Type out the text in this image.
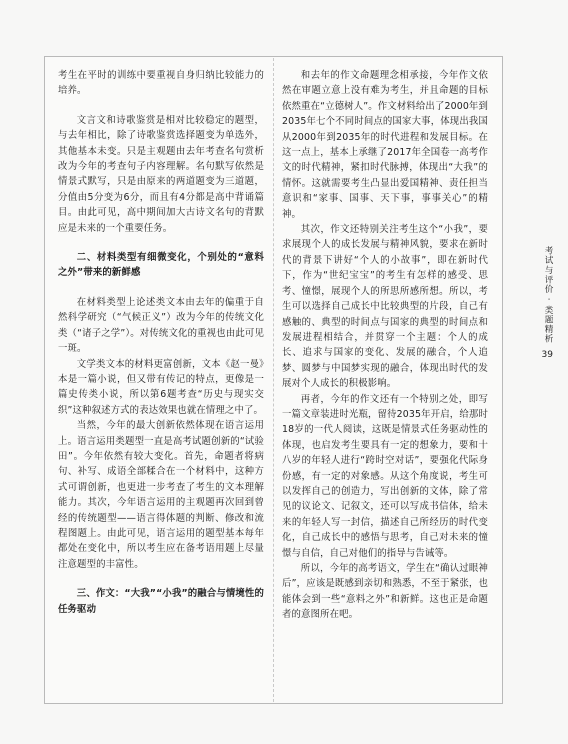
考生在平时的训练中要重视自身归纳比较能力的培养。

文言文和诗歌鉴赏是相对比较稳定的题型，与去年相比，除了诗歌鉴赏选择题变为单选外，其他基本未变。只是主观题由去年考查名句赏析改为今年的考查句子内容理解。名句默写依然是情景式默写，只是由原来的两道题变为三道题，分值由5分变为6分，而且有4分都是高中背诵篇目。由此可见，高中期间加大古诗文名句的背默应是未来的一个重要任务。

二、材料类型有细微变化，个别处的“意料之外”带来的新鲜感

在材料类型上论述类文本由去年的偏重于自然科学研究（“气候正义”）改为今年的传统文化类（“诸子之学”）。对传统文化的重视也由此可见一斑。

文学类文本的材料更富创新，文本《赵一曼》本是一篇小说，但又带有传记的特点，更像是一篇史传类小说，所以第6题考查“历史与现实交织”这种叙述方式的表达效果也就在情理之中了。

当然，今年的最大创新依然体现在语言运用上。语言运用类题型一直是高考试题创新的“试验田”。今年依然有较大变化。首先，命题者将病句、补写、成语全部糅合在一个材料中，这种方式可谓创新，也更进一步考查了考生的文本理解能力。其次，今年语言运用的主观题再次回到曾经的传统题型——语言得体题的判断、修改和流程图题上。由此可见，语言运用的题型基本每年都处在变化中，所以考生应在备考语用题上尽量注意题型的丰富性。

三、作文：“大我”“小我”的融合与情境性的任务驱动

和去年的作文命题理念相承接，今年作文依然在审题立意上没有难为考生，并且命题的目标依然重在“立德树人”。作文材料给出了2000年到2035年七个不同时间点的国家大事，体现出我国从2000年到2035年的时代进程和发展目标。在这一点上，基本上承继了2017年全国卷一高考作文的时代精神，紧扣时代脉搏，体现出“大我”的情怀。这就需要考生凸显出爱国精神、责任担当意识和“家事、国事、天下事，事事关心”的精神。

其次，作文还特别关注考生这个“小我”，要求展现个人的成长发展与精神风貌，要求在新时代的背景下讲好“个人的小故事”，即在新时代下，作为“世纪宝宝”的考生有怎样的感受、思考、憧憬，展现个人的所思所感所想。所以，考生可以选择自己成长中比较典型的片段，自己有感触的、典型的时间点与国家的典型的时间点和发展进程相结合，并贯穿一个主题：个人的成长、追求与国家的变化、发展的融合，个人追梦、圆梦与中国梦实现的融合，体现出时代的发展对个人成长的积极影响。

再者，今年的作文还有一个特别之处，即写一篇文章装进时光瓶，留待2035年开启，给那时18岁的一代人阅读，这既是情景式任务驱动性的体现，也启发考生要具有一定的想象力，要和十八岁的年轻人进行“跨时空对话”，要强化代际身份感，有一定的对象感。从这个角度说，考生可以发挥自己的创造力，写出创新的文体，除了常见的议论文、记叙文，还可以写成书信体，给未来的年轻人写一封信，描述自己所经历的时代变化，自己成长中的感悟与思考，自己对未来的憧憬与自信，自己对他们的指导与告诫等。

所以，今年的高考语文，学生在“确认过眼神后”，应该是既感到亲切和熟悉，不至于紧张，也能体会到一些“意料之外”和新鲜。这也正是命题者的意图所在吧。

考试与评价 · 类题精析
39
